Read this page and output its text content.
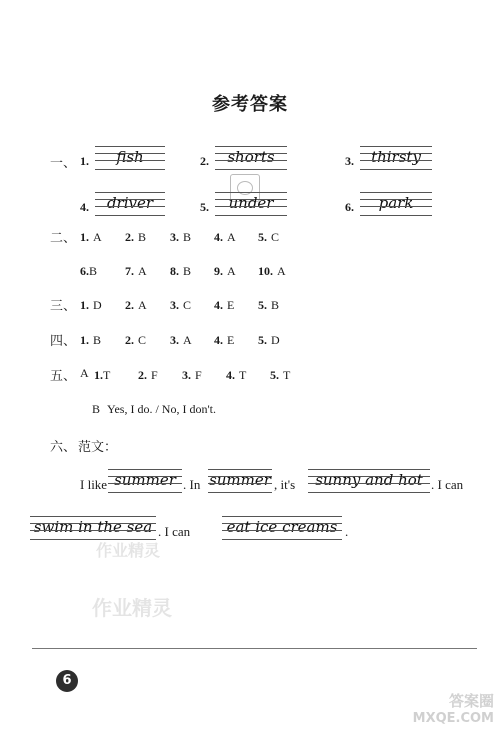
参考答案
一、 1.	fish	2.	shorts	3.	thirsty
4.	driver	5.	under	6.	park
二、 1. A 2. B 3. B 4. A 5. C
6.B 7. A 8. B 9. A 10. A
三、 1. D 2. A 3. C 4. E 5. B
四、 1. B 2. C 3. A 4. E 5. D
五、 A 1.T 2. F 3. F 4. T 5. T
B Yes, I do. / No, I don't.
六、 范文：
I like summer . In summer , it's	sunny and hot . I can
swim in the sea . I can	eat ice creams .
作业精灵
作业精灵
6
答案圈
MXQE.COM
